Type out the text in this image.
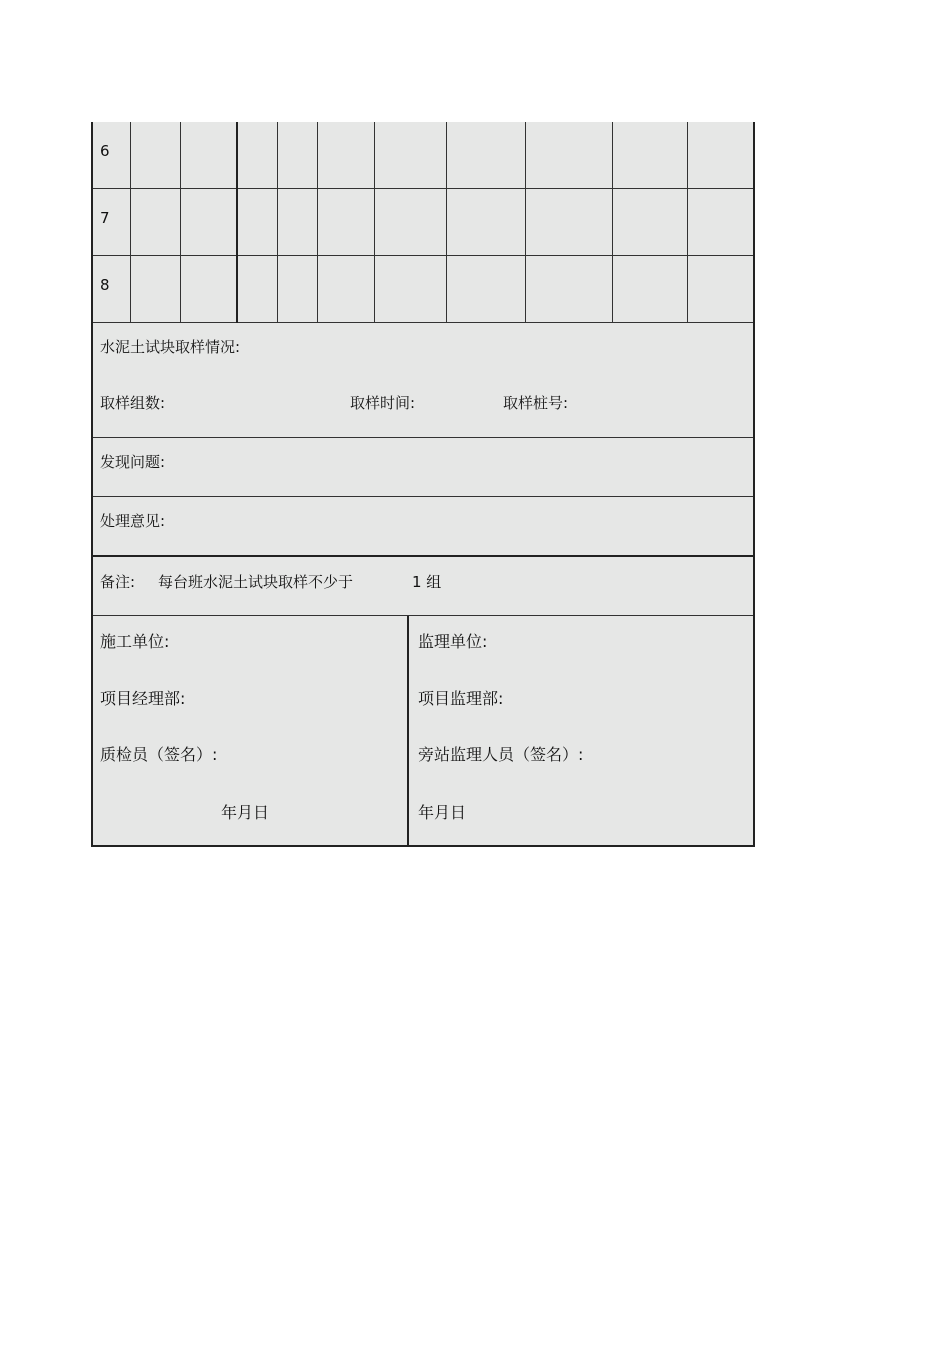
6										
7										
8										
水泥土试块取样情况:
取样组数:	取样时间:	取样桩号:
发现问题:
处理意见:
备注: 每台班水泥土试块取样不少于	1 组
施工单位:
项目经理部:
质检员（签名）:
年月日
监理单位:
项目监理部:
旁站监理人员（签名）:
年月日
